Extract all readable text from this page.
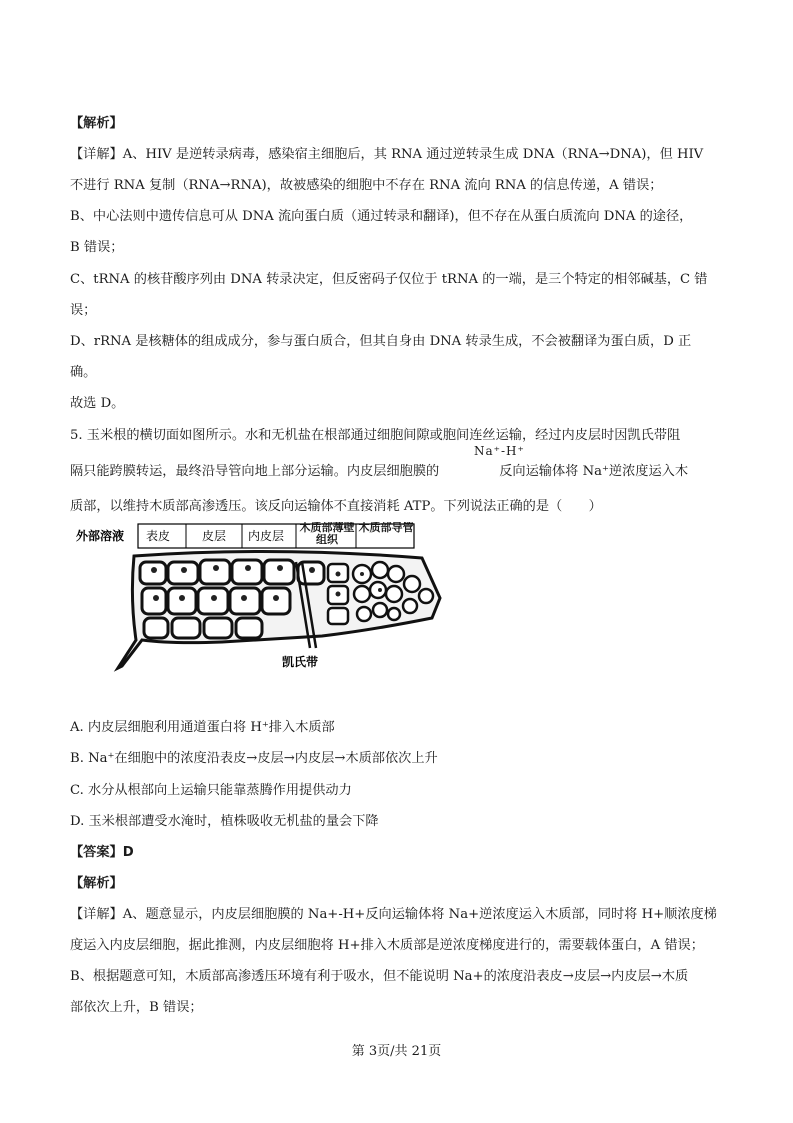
【解析】
【详解】A、HIV 是逆转录病毒，感染宿主细胞后，其 RNA 通过逆转录生成 DNA（RNA→DNA)，但 HIV
不进行 RNA 复制（RNA→RNA)，故被感染的细胞中不存在 RNA 流向 RNA 的信息传递，A 错误；
B、中心法则中遗传信息可从 DNA 流向蛋白质（通过转录和翻译)，但不存在从蛋白质流向 DNA 的途径，
B 错误；
C、tRNA 的核苷酸序列由 DNA 转录决定，但反密码子仅位于 tRNA 的一端，是三个特定的相邻碱基，C 错
误；
D、rRNA 是核糖体的组成成分，参与蛋白质合，但其自身由 DNA 转录生成，不会被翻译为蛋白质，D 正
确。
故选 D。
5. 玉米根的横切面如图所示。水和无机盐在根部通过细胞间隙或胞间连丝运输，经过内皮层时因凯氏带阻
Na⁺-H⁺
隔只能跨膜转运，最终沿导管向地上部分运输。内皮层细胞膜的	反向运输体将 Na⁺逆浓度运入木
质部，以维持木质部高渗透压。该反向运输体不直接消耗 ATP。下列说法正确的是（　　）
外部溶液 表皮	皮层 内皮层
木质部薄壁组织
木质部导管
凯氏带
A. 内皮层细胞利用通道蛋白将 H⁺排入木质部
B. Na⁺在细胞中的浓度沿表皮→皮层→内皮层→木质部依次上升
C. 水分从根部向上运输只能靠蒸腾作用提供动力
D. 玉米根部遭受水淹时，植株吸收无机盐的量会下降
【答案】D
【解析】
【详解】A、题意显示，内皮层细胞膜的 Na+-H+反向运输体将 Na+逆浓度运入木质部，同时将 H+顺浓度梯
度运入内皮层细胞，据此推测，内皮层细胞将 H+排入木质部是逆浓度梯度进行的，需要载体蛋白，A 错误；
B、根据题意可知，木质部高渗透压环境有利于吸水，但不能说明 Na+的浓度沿表皮→皮层→内皮层→木质
部依次上升，B 错误；
第 3页/共 21页
